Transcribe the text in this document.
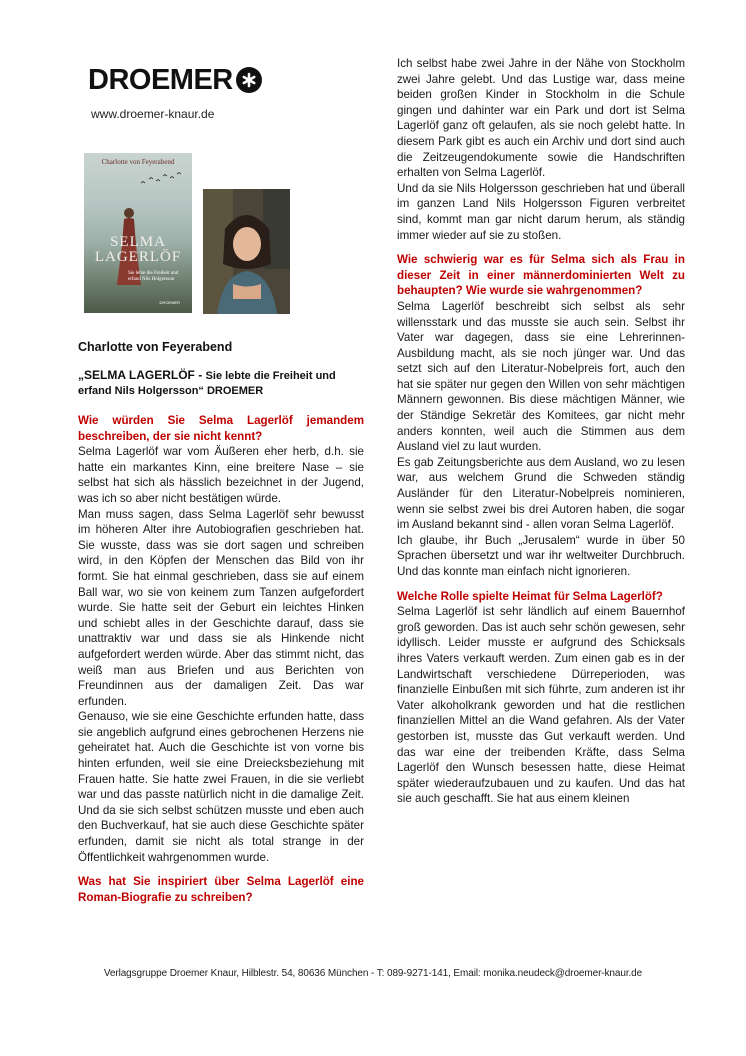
DROEMER
www.droemer-knaur.de
Charlotte von Feyerabend
SELMA
LAGERLÖF
Sie lebte die Freiheit und erfand Nils Holgersson
DROEMER
Charlotte von Feyerabend
„SELMA LAGERLÖF - Sie lebte die Freiheit und erfand Nils Holgersson“ DROEMER
Wie würden Sie Selma Lagerlöf jemandem beschreiben, der sie nicht kennt?

Selma Lagerlöf war vom Äußeren eher herb, d.h. sie hatte ein markantes Kinn, eine breitere Nase – sie selbst hat sich als hässlich bezeichnet in der Jugend, was ich so aber nicht bestätigen würde.

Man muss sagen, dass Selma Lagerlöf sehr bewusst im höheren Alter ihre Autobiografien geschrieben hat. Sie wusste, dass was sie dort sagen und schreiben wird, in den Köpfen der Menschen das Bild von ihr formt. Sie hat einmal geschrieben, dass sie auf einem Ball war, wo sie von keinem zum Tanzen aufgefordert wurde. Sie hatte seit der Geburt ein leichtes Hinken und schiebt alles in der Geschichte darauf, dass sie unattraktiv war und dass sie als Hinkende nicht aufgefordert werden würde. Aber das stimmt nicht, das weiß man aus Briefen und aus Berichten von Freundinnen aus der damaligen Zeit. Das war erfunden.

Genauso, wie sie eine Geschichte erfunden hatte, dass sie angeblich aufgrund eines gebrochenen Herzens nie geheiratet hat. Auch die Geschichte ist von vorne bis hinten erfunden, weil sie eine Dreiecksbeziehung mit Frauen hatte. Sie hatte zwei Frauen, in die sie verliebt war und das passte natürlich nicht in die damalige Zeit. Und da sie sich selbst schützen musste und eben auch den Buchverkauf, hat sie auch diese Geschichte später erfunden, damit sie nicht als total strange in der Öffentlichkeit wahrgenommen wurde.

Was hat Sie inspiriert über Selma Lagerlöf eine Roman-Biografie zu schreiben?

Ich selbst habe zwei Jahre in der Nähe von Stockholm zwei Jahre gelebt. Und das Lustige war, dass meine beiden großen Kinder in Stockholm in die Schule gingen und dahinter war ein Park und dort ist Selma Lagerlöf ganz oft gelaufen, als sie noch gelebt hatte. In diesem Park gibt es auch ein Archiv und dort sind auch die Zeitzeugendokumente sowie die Handschriften erhalten von Selma Lagerlöf.

Und da sie Nils Holgersson geschrieben hat und überall im ganzen Land Nils Holgersson Figuren verbreitet sind, kommt man gar nicht darum herum, als ständig immer wieder auf sie zu stoßen.

Wie schwierig war es für Selma sich als Frau in dieser Zeit in einer männerdominierten Welt zu behaupten? Wie wurde sie wahrgenommen?

Selma Lagerlöf beschreibt sich selbst als sehr willensstark und das musste sie auch sein. Selbst ihr Vater war dagegen, dass sie eine Lehrerinnen-Ausbildung macht, als sie noch jünger war. Und das setzt sich auf den Literatur-Nobelpreis fort, auch den hat sie später nur gegen den Willen von sehr mächtigen Männern gewonnen. Bis diese mächtigen Männer, wie der Ständige Sekretär des Komitees, gar nicht mehr anders konnten, weil auch die Stimmen aus dem Ausland viel zu laut wurden.

Es gab Zeitungsberichte aus dem Ausland, wo zu lesen war, aus welchem Grund die Schweden ständig Ausländer für den Literatur-Nobelpreis nominieren, wenn sie selbst zwei bis drei Autoren haben, die sogar im Ausland bekannt sind - allen voran Selma Lagerlöf.

Ich glaube, ihr Buch „Jerusalem“ wurde in über 50 Sprachen übersetzt und war ihr weltweiter Durchbruch. Und das konnte man einfach nicht ignorieren.

Welche Rolle spielte Heimat für Selma Lagerlöf?

Selma Lagerlöf ist sehr ländlich auf einem Bauernhof groß geworden. Das ist auch sehr schön gewesen, sehr idyllisch. Leider musste er aufgrund des Schicksals ihres Vaters verkauft werden. Zum einen gab es in der Landwirtschaft verschiedene Dürreperioden, was finanzielle Einbußen mit sich führte, zum anderen ist ihr Vater alkoholkrank geworden und hat die restlichen finanziellen Mittel an die Wand gefahren. Als der Vater gestorben ist, musste das Gut verkauft werden. Und das war eine der treibenden Kräfte, dass Selma Lagerlöf den Wunsch besessen hatte, diese Heimat später wiederaufzubauen und zu kaufen. Und das hat sie auch geschafft. Sie hat aus einem kleinen

Verlagsgruppe Droemer Knaur, Hilblestr. 54, 80636 München - T: 089-9271-141, Email: monika.neudeck@droemer-knaur.de
